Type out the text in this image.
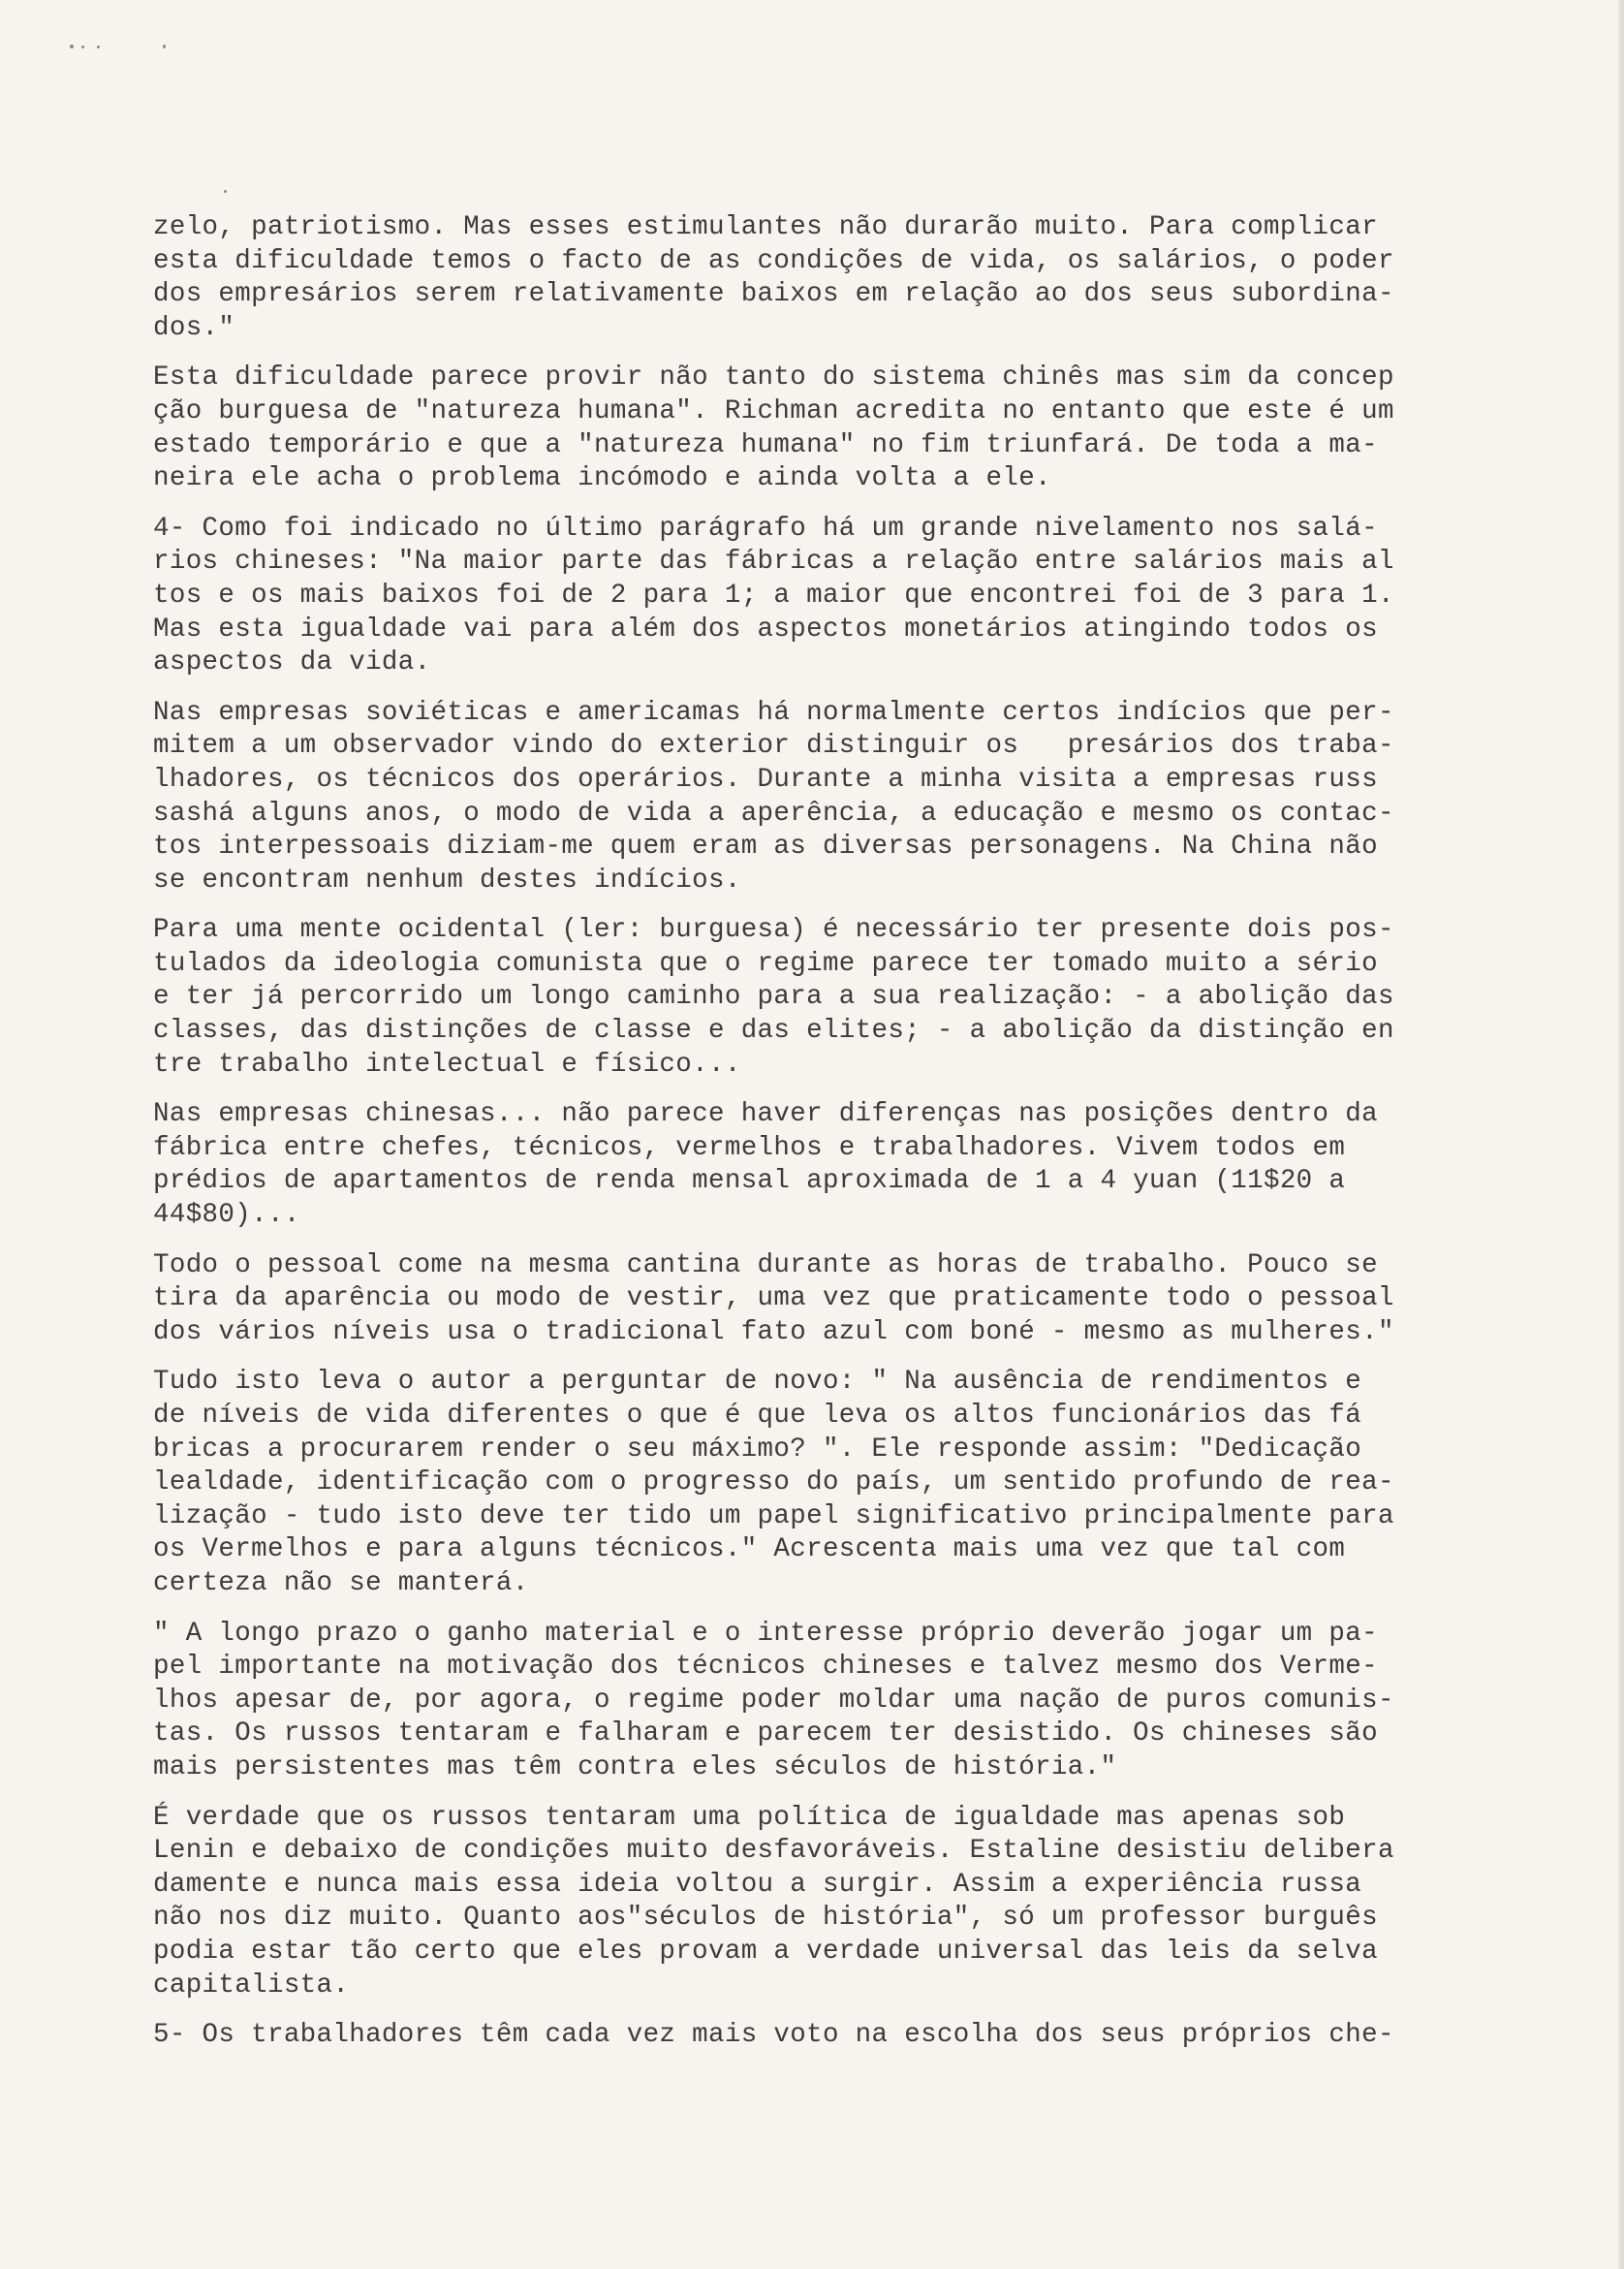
zelo, patriotismo. Mas esses estimulantes não durarão muito. Para complicar
esta dificuldade temos o facto de as condições de vida, os salários, o poder
dos empresários serem relativamente baixos em relação ao dos seus subordina-
dos."
Esta dificuldade parece provir não tanto do sistema chinês mas sim da concep
ção burguesa de "natureza humana". Richman acredita no entanto que este é um
estado temporário e que a "natureza humana" no fim triunfará. De toda a ma-
neira ele acha o problema incómodo e ainda volta a ele.
4- Como foi indicado no último parágrafo há um grande nivelamento nos salá-
rios chineses: "Na maior parte das fábricas a relação entre salários mais al
tos e os mais baixos foi de 2 para 1; a maior que encontrei foi de 3 para 1.
Mas esta igualdade vai para além dos aspectos monetários atingindo todos os
aspectos da vida.
Nas empresas soviéticas e americamas há normalmente certos indícios que per-
mitem a um observador vindo do exterior distinguir os   presários dos traba-
lhadores, os técnicos dos operários. Durante a minha visita a empresas russ
sashá alguns anos, o modo de vida a aperência, a educação e mesmo os contac-
tos interpessoais diziam-me quem eram as diversas personagens. Na China não
se encontram nenhum destes indícios.
Para uma mente ocidental (ler: burguesa) é necessário ter presente dois pos-
tulados da ideologia comunista que o regime parece ter tomado muito a sério
e ter já percorrido um longo caminho para a sua realização: - a abolição das
classes, das distinções de classe e das elites; - a abolição da distinção en
tre trabalho intelectual e físico...
Nas empresas chinesas... não parece haver diferenças nas posições dentro da
fábrica entre chefes, técnicos, vermelhos e trabalhadores. Vivem todos em
prédios de apartamentos de renda mensal aproximada de 1 a 4 yuan (11$20 a
44$80)...
Todo o pessoal come na mesma cantina durante as horas de trabalho. Pouco se
tira da aparência ou modo de vestir, uma vez que praticamente todo o pessoal
dos vários níveis usa o tradicional fato azul com boné - mesmo as mulheres."
Tudo isto leva o autor a perguntar de novo: " Na ausência de rendimentos e
de níveis de vida diferentes o que é que leva os altos funcionários das fá
bricas a procurarem render o seu máximo? ". Ele responde assim: "Dedicação
lealdade, identificação com o progresso do país, um sentido profundo de rea-
lização - tudo isto deve ter tido um papel significativo principalmente para
os Vermelhos e para alguns técnicos." Acrescenta mais uma vez que tal com
certeza não se manterá.
" A longo prazo o ganho material e o interesse próprio deverão jogar um pa-
pel importante na motivação dos técnicos chineses e talvez mesmo dos Verme-
lhos apesar de, por agora, o regime poder moldar uma nação de puros comunis-
tas. Os russos tentaram e falharam e parecem ter desistido. Os chineses são
mais persistentes mas têm contra eles séculos de história."
É verdade que os russos tentaram uma política de igualdade mas apenas sob
Lenin e debaixo de condições muito desfavoráveis. Estaline desistiu delibera
damente e nunca mais essa ideia voltou a surgir. Assim a experiência russa
não nos diz muito. Quanto aos"séculos de história", só um professor burguês
podia estar tão certo que eles provam a verdade universal das leis da selva
capitalista.
5- Os trabalhadores têm cada vez mais voto na escolha dos seus próprios che-
